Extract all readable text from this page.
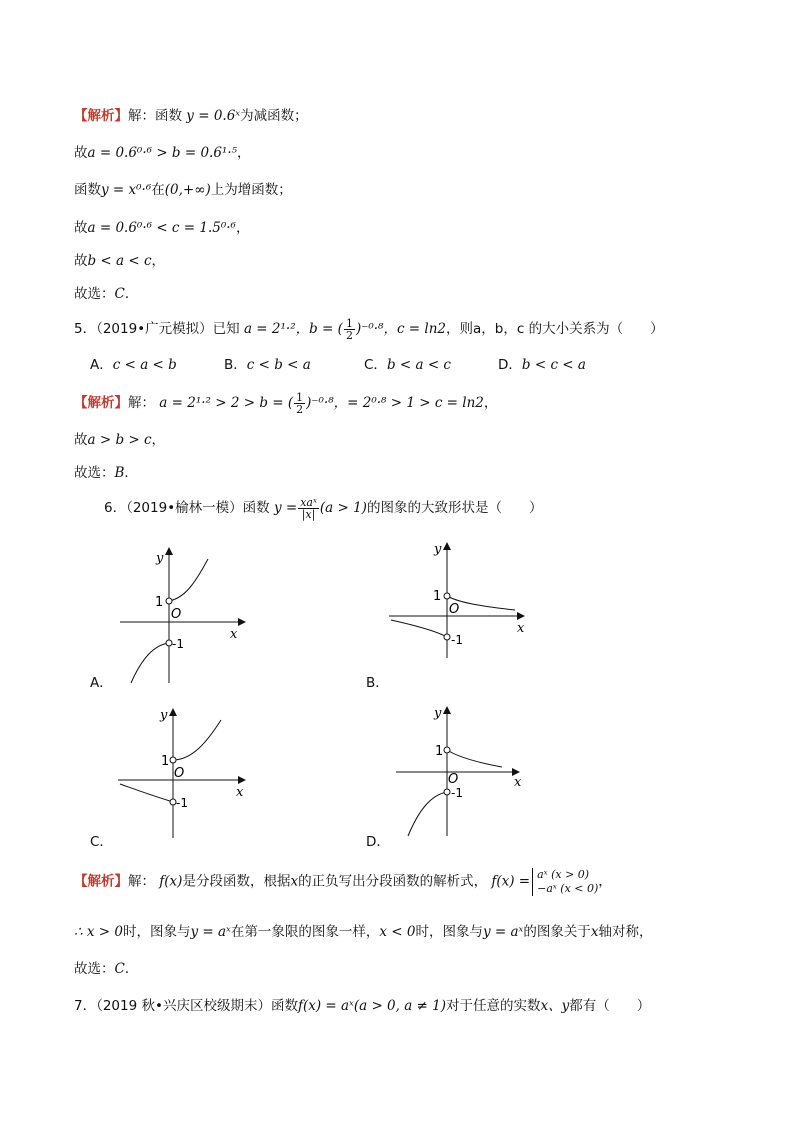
【解析】解：函数 y = 0.6ˣ为减函数；
故a = 0.6⁰·⁶ > b = 0.6¹·⁵，
函数y = x⁰·⁶在(0,+∞)上为增函数；
故a = 0.6⁰·⁶ < c = 1.5⁰·⁶，
故b < a < c，
故选：C．
5．（2019•广元模拟）已知 a = 2¹·²，b = ( $\frac{1}{2} )^{-0}\cdot^8$，c = ln2，则a，b，c 的大小关系为（　　）
A．c < a < b	B．c < b < a	C．b < a < c	D．b < c < a
【解析】解： a = 2¹·² > 2 > b = ( $\frac{1}{2} )^{-0}\cdot^8$，= 2⁰·⁸ > 1 > c = ln2，
故a > b > c，
故选：B．
6．（2019•榆林一模）函数 $y = \frac{\text{xaˣ}}{|x|} (a > 1)$的图象的大致形状是（　　）
y
x
1
-1
O
A．
y
x
1
-1
O
B．
y
x
1
-1
O
C．
y
x
1
-1
O
D．
【解析】解： f(x)是分段函数，根据x的正负写出分段函数的解析式， f(x) = aˣ (x > 0)
−aˣ (x < 0) ，
∴ x > 0时，图象与y = aˣ在第一象限的图象一样，x < 0时，图象与y = aˣ的图象关于x轴对称，
故选：C．
7．（2019 秋•兴庆区校级期末）函数f(x) = aˣ(a > 0, a ≠ 1)对于任意的实数x、y都有（　　）
